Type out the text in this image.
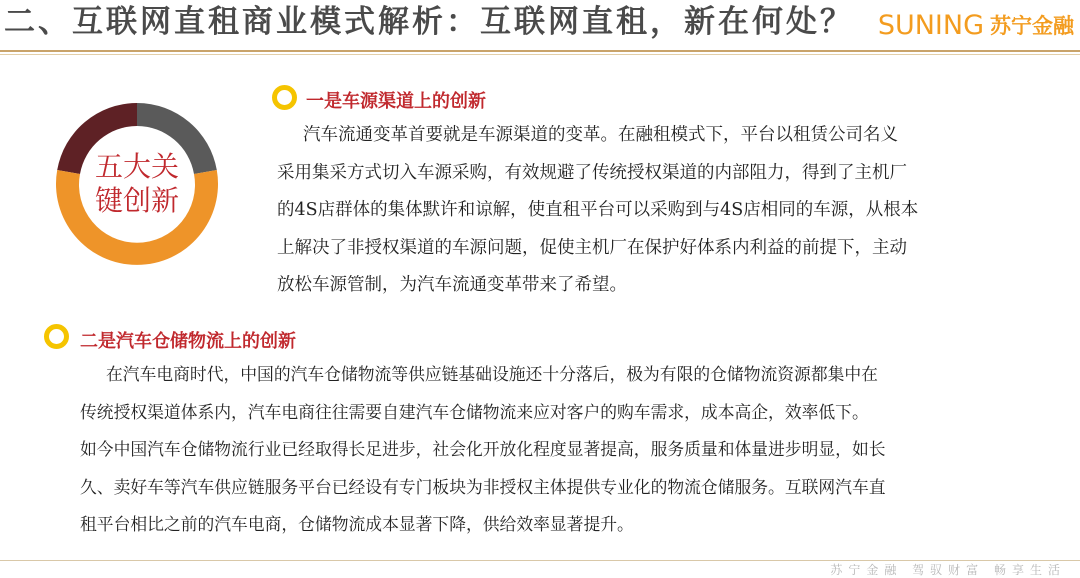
二、互联网直租商业模式解析：互联网直租，新在何处？ SUNING 苏宁金融
五大关
键创新
一是车源渠道上的创新

汽车流通变革首要就是车源渠道的变革。在融租模式下，平台以租赁公司名义
采用集采方式切入车源采购，有效规避了传统授权渠道的内部阻力，得到了主机厂
的4S店群体的集体默许和谅解，使直租平台可以采购到与4S店相同的车源，从根本
上解决了非授权渠道的车源问题，促使主机厂在保护好体系内利益的前提下，主动
放松车源管制，为汽车流通变革带来了希望。

二是汽车仓储物流上的创新

在汽车电商时代，中国的汽车仓储物流等供应链基础设施还十分落后，极为有限的仓储物流资源都集中在
传统授权渠道体系内，汽车电商往往需要自建汽车仓储物流来应对客户的购车需求，成本高企，效率低下。
如今中国汽车仓储物流行业已经取得长足进步，社会化开放化程度显著提高，服务质量和体量进步明显，如长
久、卖好车等汽车供应链服务平台已经设有专门板块为非授权主体提供专业化的物流仓储服务。互联网汽车直
租平台相比之前的汽车电商，仓储物流成本显著下降，供给效率显著提升。

苏宁金融 驾驭财富 畅享生活
